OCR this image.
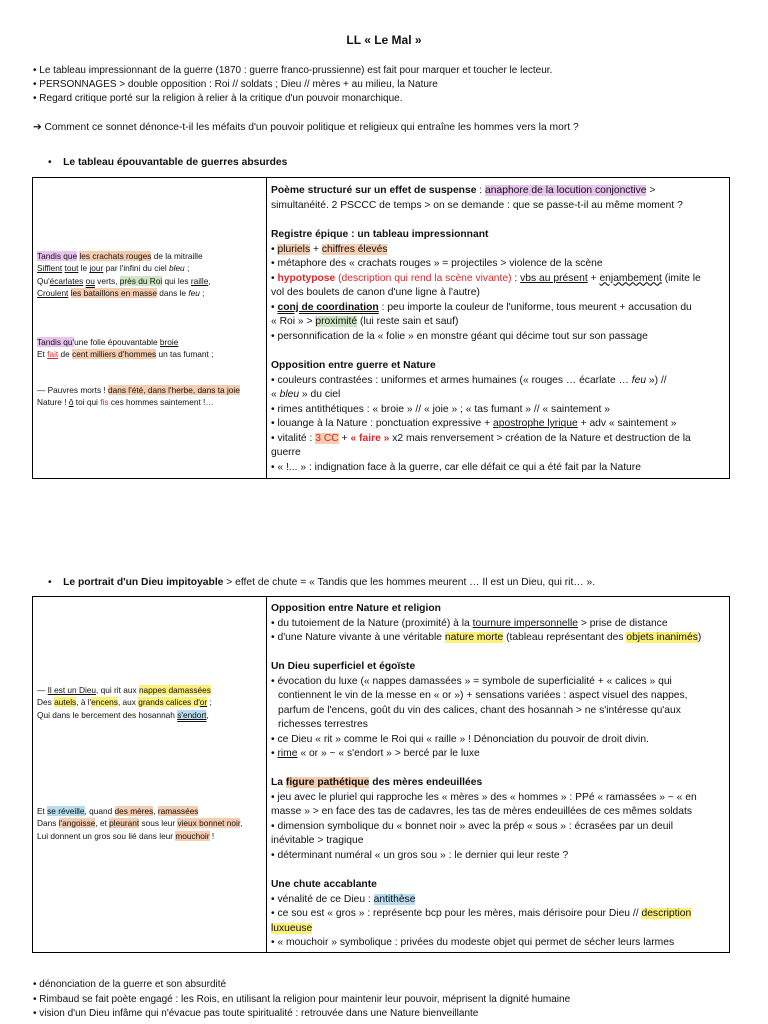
LL « Le Mal »
• Le tableau impressionnant de la guerre (1870 : guerre franco-prussienne) est fait pour marquer et toucher le lecteur.
• PERSONNAGES > double opposition : Roi // soldats ; Dieu // mères + au milieu, la Nature
• Regard critique porté sur la religion à relier à la critique d'un pouvoir monarchique.
➔ Comment ce sonnet dénonce-t-il les méfaits d'un pouvoir politique et religieux qui entraîne les hommes vers la mort ?
• Le tableau épouvantable de guerres absurdes
Tandis que les crachats rouges de la mitraille
Sifflent tout le jour par l'infini du ciel bleu ;
Qu'écarlates ou verts, près du Roi qui les raille,
Croulent les bataillons en masse dans le feu ;
Tandis qu'une folie épouvantable broie
Et fait de cent milliers d'hommes un tas fumant ;
— Pauvres morts ! dans l'été, dans l'herbe, dans ta joie
Nature ! ô toi qui fis ces hommes saintement !…
Poème structuré sur un effet de suspense : anaphore de la locution conjonctive >
simultanéité. 2 PSCCC de temps > on se demande : que se passe-t-il au même moment ?
Registre épique : un tableau impressionnant
• pluriels + chiffres élevés
• métaphore des « crachats rouges » = projectiles > violence de la scène
• hypotypose (description qui rend la scène vivante) : vbs au présent + enjambement (imite le
vol des boulets de canon d'une ligne à l'autre)
• conj de coordination : peu importe la couleur de l'uniforme, tous meurent + accusation du
« Roi » > proximité (lui reste sain et sauf)
• personnification de la « folie » en monstre géant qui décime tout sur son passage
Opposition entre guerre et Nature
• couleurs contrastées : uniformes et armes humaines (« rouges … écarlate … feu ») //
« bleu » du ciel
• rimes antithétiques : « broie » // « joie » ; « tas fumant » // « saintement »
• louange à la Nature : ponctuation expressive + apostrophe lyrique + adv « saintement »
• vitalité : 3 CC + « faire » x2 mais renversement > création de la Nature et destruction de la
guerre
• « !... » : indignation face à la guerre, car elle défait ce qui a été fait par la Nature
• Le portrait d'un Dieu impitoyable > effet de chute = « Tandis que les hommes meurent … Il est un Dieu, qui rit… ».
— Il est un Dieu, qui rit aux nappes damassées
Des autels, à l'encens, aux grands calices d'or ;
Qui dans le bercement des hosannah s'endort,
Et se réveille, quand des mères, ramassées
Dans l'angoisse, et pleurant sous leur vieux bonnet noir,
Lui donnent un gros sou lié dans leur mouchoir !
Opposition entre Nature et religion
• du tutoiement de la Nature (proximité) à la tournure impersonnelle > prise de distance
• d'une Nature vivante à une véritable nature morte (tableau représentant des objets inanimés)
Un Dieu superficiel et égoïste
• évocation du luxe (« nappes damassées » = symbole de superficialité + « calices » qui
contiennent le vin de la messe en « or ») + sensations variées : aspect visuel des nappes,
parfum de l'encens, goût du vin des calices, chant des hosannah > ne s'intéresse qu'aux
richesses terrestres
• ce Dieu « rit » comme le Roi qui « raille » ! Dénonciation du pouvoir de droit divin.
• rime « or » ~ « s'endort » > bercé par le luxe
La figure pathétique des mères endeuillées
• jeu avec le pluriel qui rapproche les « mères » des « hommes » : PPé « ramassées » ~ « en
masse » > en face des tas de cadavres, les tas de mères endeuillées de ces mêmes soldats
• dimension symbolique du « bonnet noir » avec la prép « sous » : écrasées par un deuil
inévitable > tragique
• déterminant numéral « un gros sou » : le dernier qui leur reste ?
Une chute accablante
• vénalité de ce Dieu : antithèse
• ce sou est « gros » : représente bcp pour les mères, mais dérisoire pour Dieu // description
luxueuse
• « mouchoir » symbolique : privées du modeste objet qui permet de sécher leurs larmes
• dénonciation de la guerre et son absurdité
• Rimbaud se fait poète engagé : les Rois, en utilisant la religion pour maintenir leur pouvoir, méprisent la dignité humaine
• vision d'un Dieu infâme qui n'évacue pas toute spiritualité : retrouvée dans une Nature bienveillante
